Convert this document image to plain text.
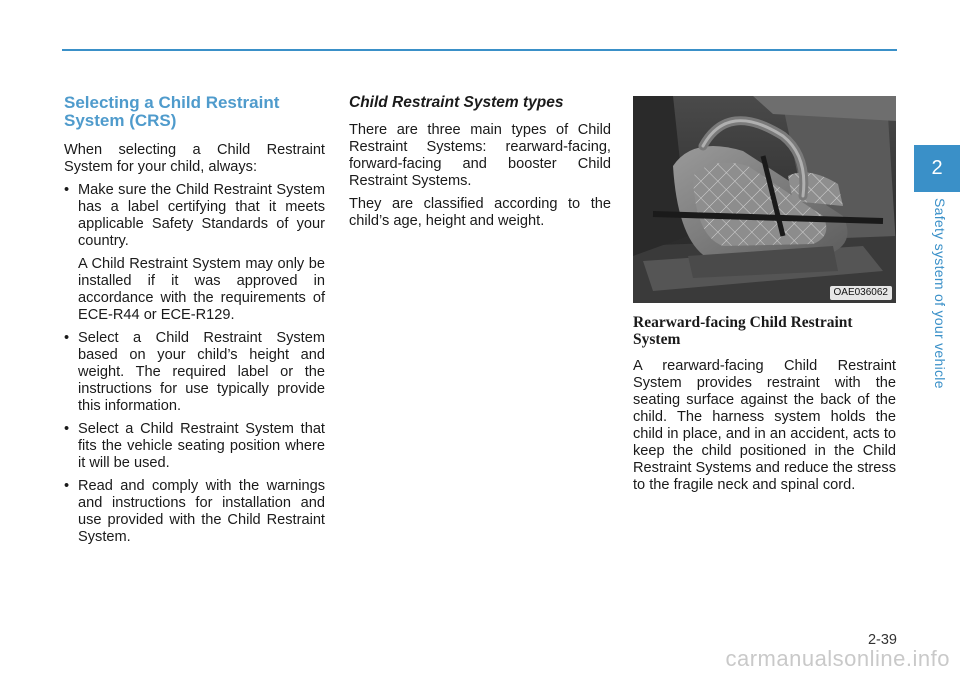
Selecting a Child Restraint System (CRS)

When selecting a Child Restraint System for your child, always:

• Make sure the Child Restraint System has a label certifying that it meets applicable Safety Standards of your country.
A Child Restraint System may only be installed if it was approved in accordance with the requirements of ECE-R44 or ECE-R129.
• Select a Child Restraint System based on your child’s height and weight. The required label or the instructions for use typically provide this information.
• Select a Child Restraint System that fits the vehicle seating position where it will be used.
• Read and comply with the warnings and instructions for installation and use provided with the Child Restraint System.
Child Restraint System types

There are three main types of Child Restraint Systems: rearward-facing, forward-facing and booster Child Restraint Systems.

They are classified according to the child’s age, height and weight.

OAE036062
Rearward-facing Child Restraint System

A rearward-facing Child Restraint System provides restraint with the seating surface against the back of the child. The harness system holds the child in place, and in an accident, acts to keep the child positioned in the Child Restraint Systems and reduce the stress to the fragile neck and spinal cord.

2
Safety system of your vehicle
2-39
carmanualsonline.info
